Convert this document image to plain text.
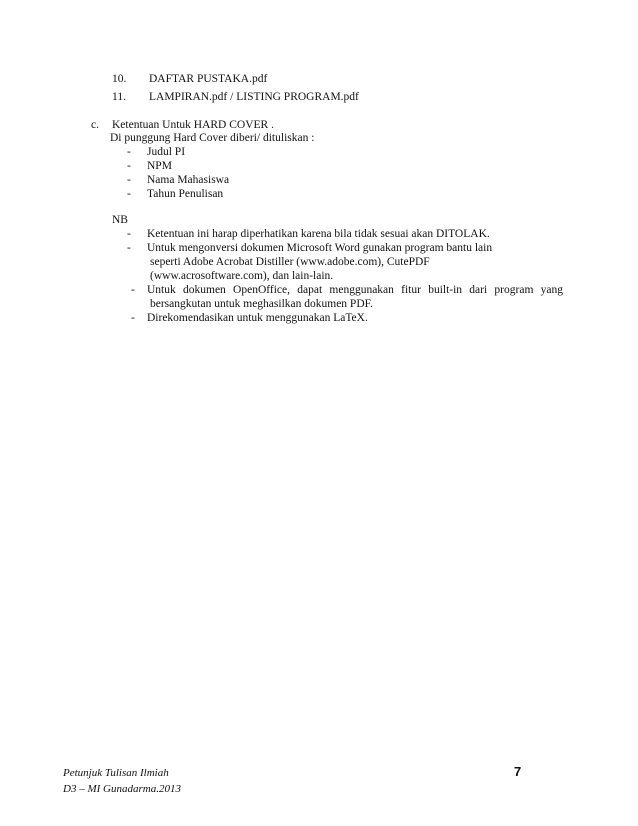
10. DAFTAR PUSTAKA.pdf
11. LAMPIRAN.pdf / LISTING PROGRAM.pdf
c. Ketentuan Untuk HARD COVER .
Di punggung Hard Cover diberi/ dituliskan :
- Judul PI
- NPM
- Nama Mahasiswa
- Tahun Penulisan
NB
- Ketentuan ini harap diperhatikan karena bila tidak sesuai akan DITOLAK.
- Untuk mengonversi dokumen Microsoft Word gunakan program bantu lain
seperti Adobe Acrobat Distiller (www.adobe.com), CutePDF
(www.acrosoftware.com), dan lain-lain.
- Untuk dokumen OpenOffice, dapat menggunakan fitur built-in dari program yang
bersangkutan untuk meghasilkan dokumen PDF.
- Direkomendasikan untuk menggunakan LaTeX.
Petunjuk Tulisan Ilmiah
D3 – MI Gunadarma.2013
7
